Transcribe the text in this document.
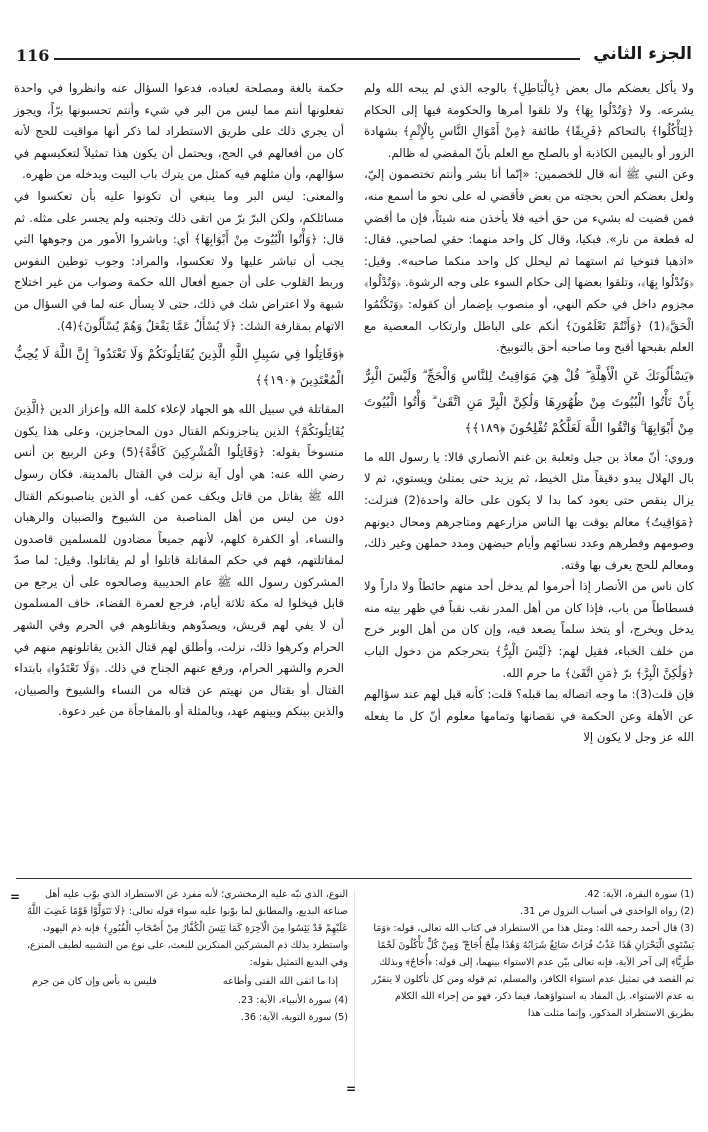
116	الجزء الثاني

ولا يأكل بعضكم مال بعض ﴿بِالْبَاطِلِ﴾ بالوجه الذي لم يبحه الله ولم يشرعه. ولا ﴿وَتُدْلُوا بِهَا﴾ ولا تلقوا أمرها والحكومة فيها إلى الحكام ﴿لِتَأْكُلُوا﴾ بالتحاكم ﴿فَرِيقًا﴾ طائفة ﴿مِنْ أَمْوَالِ النَّاسِ بِالْإِثْمِ﴾ بشهادة الزور أو باليمين الكاذبة أو بالصلح مع العلم بأنّ المقضي له ظالم.

وعن النبي ﷺ أنه قال للخصمين: «إنّما أنا بشر وأنتم تختصمون إليّ، ولعل بعضكم ألحن بحجته من بعض فأقضي له على نحو ما أسمع منه، فمن قضيت له بشيء من حق أخيه فلا يأخذن منه شيئاً، فإن ما أقضي له قطعة من نار». فبكيا، وقال كل واحد منهما: حقي لصاحبي. فقال: «اذهبا فتوخيا ثم استهما ثم ليحلل كل واحد منكما صاحبه». وقيل: ﴿وَتُدْلُوا بِهَا﴾، وتلقوا بعضها إلى حكام السوء على وجه الرشوة. ﴿وَتُدْلُوا﴾ مجزوم داخل في حكم النهي، أو منصوب بإضمار أن كقوله: ﴿وَتَكْتُمُوا الْحَقَّ﴾(1) ﴿وَأَنْتُمْ تَعْلَمُونَ﴾ أنكم على الباطل وارتكاب المعصية مع العلم بقبحها أقبح وما صاحبه أحق بالتوبيخ.

﴿يَسْأَلُونَكَ عَنِ الْأَهِلَّةِ ۖ قُلْ هِيَ مَوَاقِيتُ لِلنَّاسِ وَالْحَجِّ ۗ وَلَيْسَ الْبِرُّ بِأَنْ تَأْتُوا الْبُيُوتَ مِنْ ظُهُورِهَا وَلَٰكِنَّ الْبِرَّ مَنِ اتَّقَىٰ ۗ وَأْتُوا الْبُيُوتَ مِنْ أَبْوَابِهَا ۚ وَاتَّقُوا اللَّهَ لَعَلَّكُمْ تُفْلِحُونَ ﴿١٨٩﴾﴾

وروي: أنّ معاذ بن جبل وثعلبة بن غنم الأنصاري قالا: يا رسول الله ما بال الهلال يبدو دقيقاً مثل الخيط، ثم يزيد حتى يمتلئ ويستوي، ثم لا يزال ينقص حتى يعود كما بدا لا يكون على حالة واحدة(2) فنزلت: ﴿مَوَاقِيتُ﴾ معالم يوقت بها الناس مزارعهم ومتاجرهم ومحال ديونهم وصومهم وفطرهم وعدد نسائهم وأيام حيضهن ومدد حملهن وغير ذلك، ومعالم للحج يعرف بها وقته.

كان ناس من الأنصار إذا أحرموا لم يدخل أحد منهم حائطاً ولا داراً ولا فسطاطاً من باب، فإذا كان من أهل المدر نقب نقباً في ظهر بيته منه يدخل ويخرج، أو يتخذ سلماً يصعد فيه، وإن كان من أهل الوبر خرج من خلف الخباء، فقيل لهم: ﴿لَيْسَ الْبِرُّ﴾ بتحرجكم من دخول الباب ﴿وَلَٰكِنَّ الْبِرَّ﴾ برّ ﴿مَنِ اتَّقَىٰ﴾ ما حرم الله.

فإن قلت(3): ما وجه اتصاله بما قبله؟ قلت: كأنه قيل لهم عند سؤالهم عن الأهلة وعن الحكمة في نقصانها وتمامها معلوم أنّ كل ما يفعله الله عز وجل لا يكون إلا

حكمة بالغة ومصلحة لعباده، فدعوا السؤال عنه وانظروا في واحدة تفعلونها أنتم مما ليس من البر في شيء وأنتم تحسبونها برّاً، ويجوز أن يجري ذلك على طريق الاستطراد لما ذكر أنها مواقيت للحج لأنه كان من أفعالهم في الحج، ويحتمل أن يكون هذا تمثيلاً لتعكيسهم في سؤالهم، وأن مثلهم فيه كمثل من يترك باب البيت ويدخله من ظهره.

والمعنى: ليس البر وما ينبغي أن تكونوا عليه بأن تعكسوا في مسائلكم، ولكن البرّ برّ من اتقى ذلك وتجنبه ولم يجسر على مثله. ثم قال: ﴿وَأْتُوا الْبُيُوتَ مِنْ أَبْوَابِهَا﴾ أي: وباشروا الأمور من وجوهها التي يجب أن تباشر عليها ولا تعكسوا، والمراد: وجوب توطين النفوس وربط القلوب على أن جميع أفعال الله حكمة وصواب من غير اختلاج شبهة ولا اعتراض شك في ذلك، حتى لا يسأل عنه لما في السؤال من الاتهام بمقارفة الشك: ﴿لَا يُسْأَلُ عَمَّا يَفْعَلُ وَهُمْ يُسْأَلُونَ﴾(4).

﴿وَقَاتِلُوا فِي سَبِيلِ اللَّهِ الَّذِينَ يُقَاتِلُونَكُمْ وَلَا تَعْتَدُوا ۚ إِنَّ اللَّهَ لَا يُحِبُّ الْمُعْتَدِينَ ﴿١٩٠﴾﴾

المقاتلة في سبيل الله هو الجهاد لإعلاء كلمة الله وإعزاز الدين ﴿الَّذِينَ يُقَاتِلُونَكُمْ﴾ الذين يناجزونكم القتال دون المحاجزين، وعلى هذا يكون منسوخاً بقوله: ﴿وَقَاتِلُوا الْمُشْرِكِينَ كَافَّةً﴾(5) وعن الربيع بن أنس رضي الله عنه: هي أول آية نزلت في القتال بالمدينة. فكان رسول الله ﷺ يقاتل من قاتل ويكف عمن كف، أو الذين يناصبونكم القتال دون من ليس من أهل المناصبة من الشيوخ والصبيان والرهبان والنساء، أو الكفرة كلهم، لأنهم جميعاً مضادون للمسلمين قاصدون لمقاتلتهم، فهم في حكم المقاتلة قاتلوا أو لم يقاتلوا. وقيل: لما صدّ المشركون رسول الله ﷺ عام الحديبية وصالحوه على أن يرجع من قابل فيخلوا له مكة ثلاثة أيام، فرجع لعمرة القضاء، خاف المسلمون أن لا يفي لهم قريش، ويصدّوهم ويقاتلوهم في الحرم وفي الشهر الحرام وكرهوا ذلك، نزلت، وأطلق لهم قتال الذين يقاتلونهم منهم في الحرم والشهر الحرام، ورفع عنهم الجناح في ذلك. ﴿وَلَا تَعْتَدُوا﴾ بابتداء القتال أو بقتال من نهيتم عن قتاله من النساء والشيوخ والصبيان، والذين بينكم وبينهم عهد، وبالمثلة أو بالمفاجأة من غير دعوة.

(1) سورة البقرة، الآية: 42.

(2) رواه الواحدي في أسباب النزول ص 31.

(3) قال أحمد رحمه الله: ومثل هذا من الاستطراد في كتاب الله تعالى، قوله: ﴿وَمَا يَسْتَوِي الْبَحْرَانِ هَٰذَا عَذْبٌ فُرَاتٌ سَائِغٌ شَرَابُهُ وَهَٰذَا مِلْحٌ أُجَاجٌ ۖ وَمِنْ كُلٍّ تَأْكُلُونَ لَحْمًا طَرِيًّا﴾ إلى آخر الآية، فإنه تعالى بيّن عدم الاستواء بينهما، إلى قوله: ﴿أُجَاجٌ﴾ وبذلك تم القصد في تمثيل عدم استواء الكافر، والمسلم، ثم قوله ومن كل تأكلون لا يتقرّر به عدم الاستواء، بل المفاد به استواؤهما، فيما ذكر، فهو من إجراء الله الكلام بطريق الاستطراد المذكور، وإنما مثلت هذا

النوع، الذي نبّه عليه الزمخشري؛ لأنه مفرد عن الاستطراد الذي بوّب عليه أهل صناعة البديع، والمطابق لما بوّبوا عليه سواء قوله تعالى: ﴿لَا تَتَوَلَّوْا قَوْمًا غَضِبَ اللَّهُ عَلَيْهِمْ قَدْ يَئِسُوا مِنَ الْآخِرَةِ كَمَا يَئِسَ الْكُفَّارُ مِنْ أَصْحَابِ الْقُبُورِ﴾ فإنه ذم اليهود، واستطرد بذلك ذم المشركين المنكرين للبعث، على نوع من التشبيه لطيف المنزع، وفي البديع التمثيل بقوله:

إذا ما اتقى الله الفتى وأطاعه
فليس به بأس وإن كان من جرم

(4) سورة الأنبياء، الآية: 23.

(5) سورة التوبة، الآية: 36.

=
=
